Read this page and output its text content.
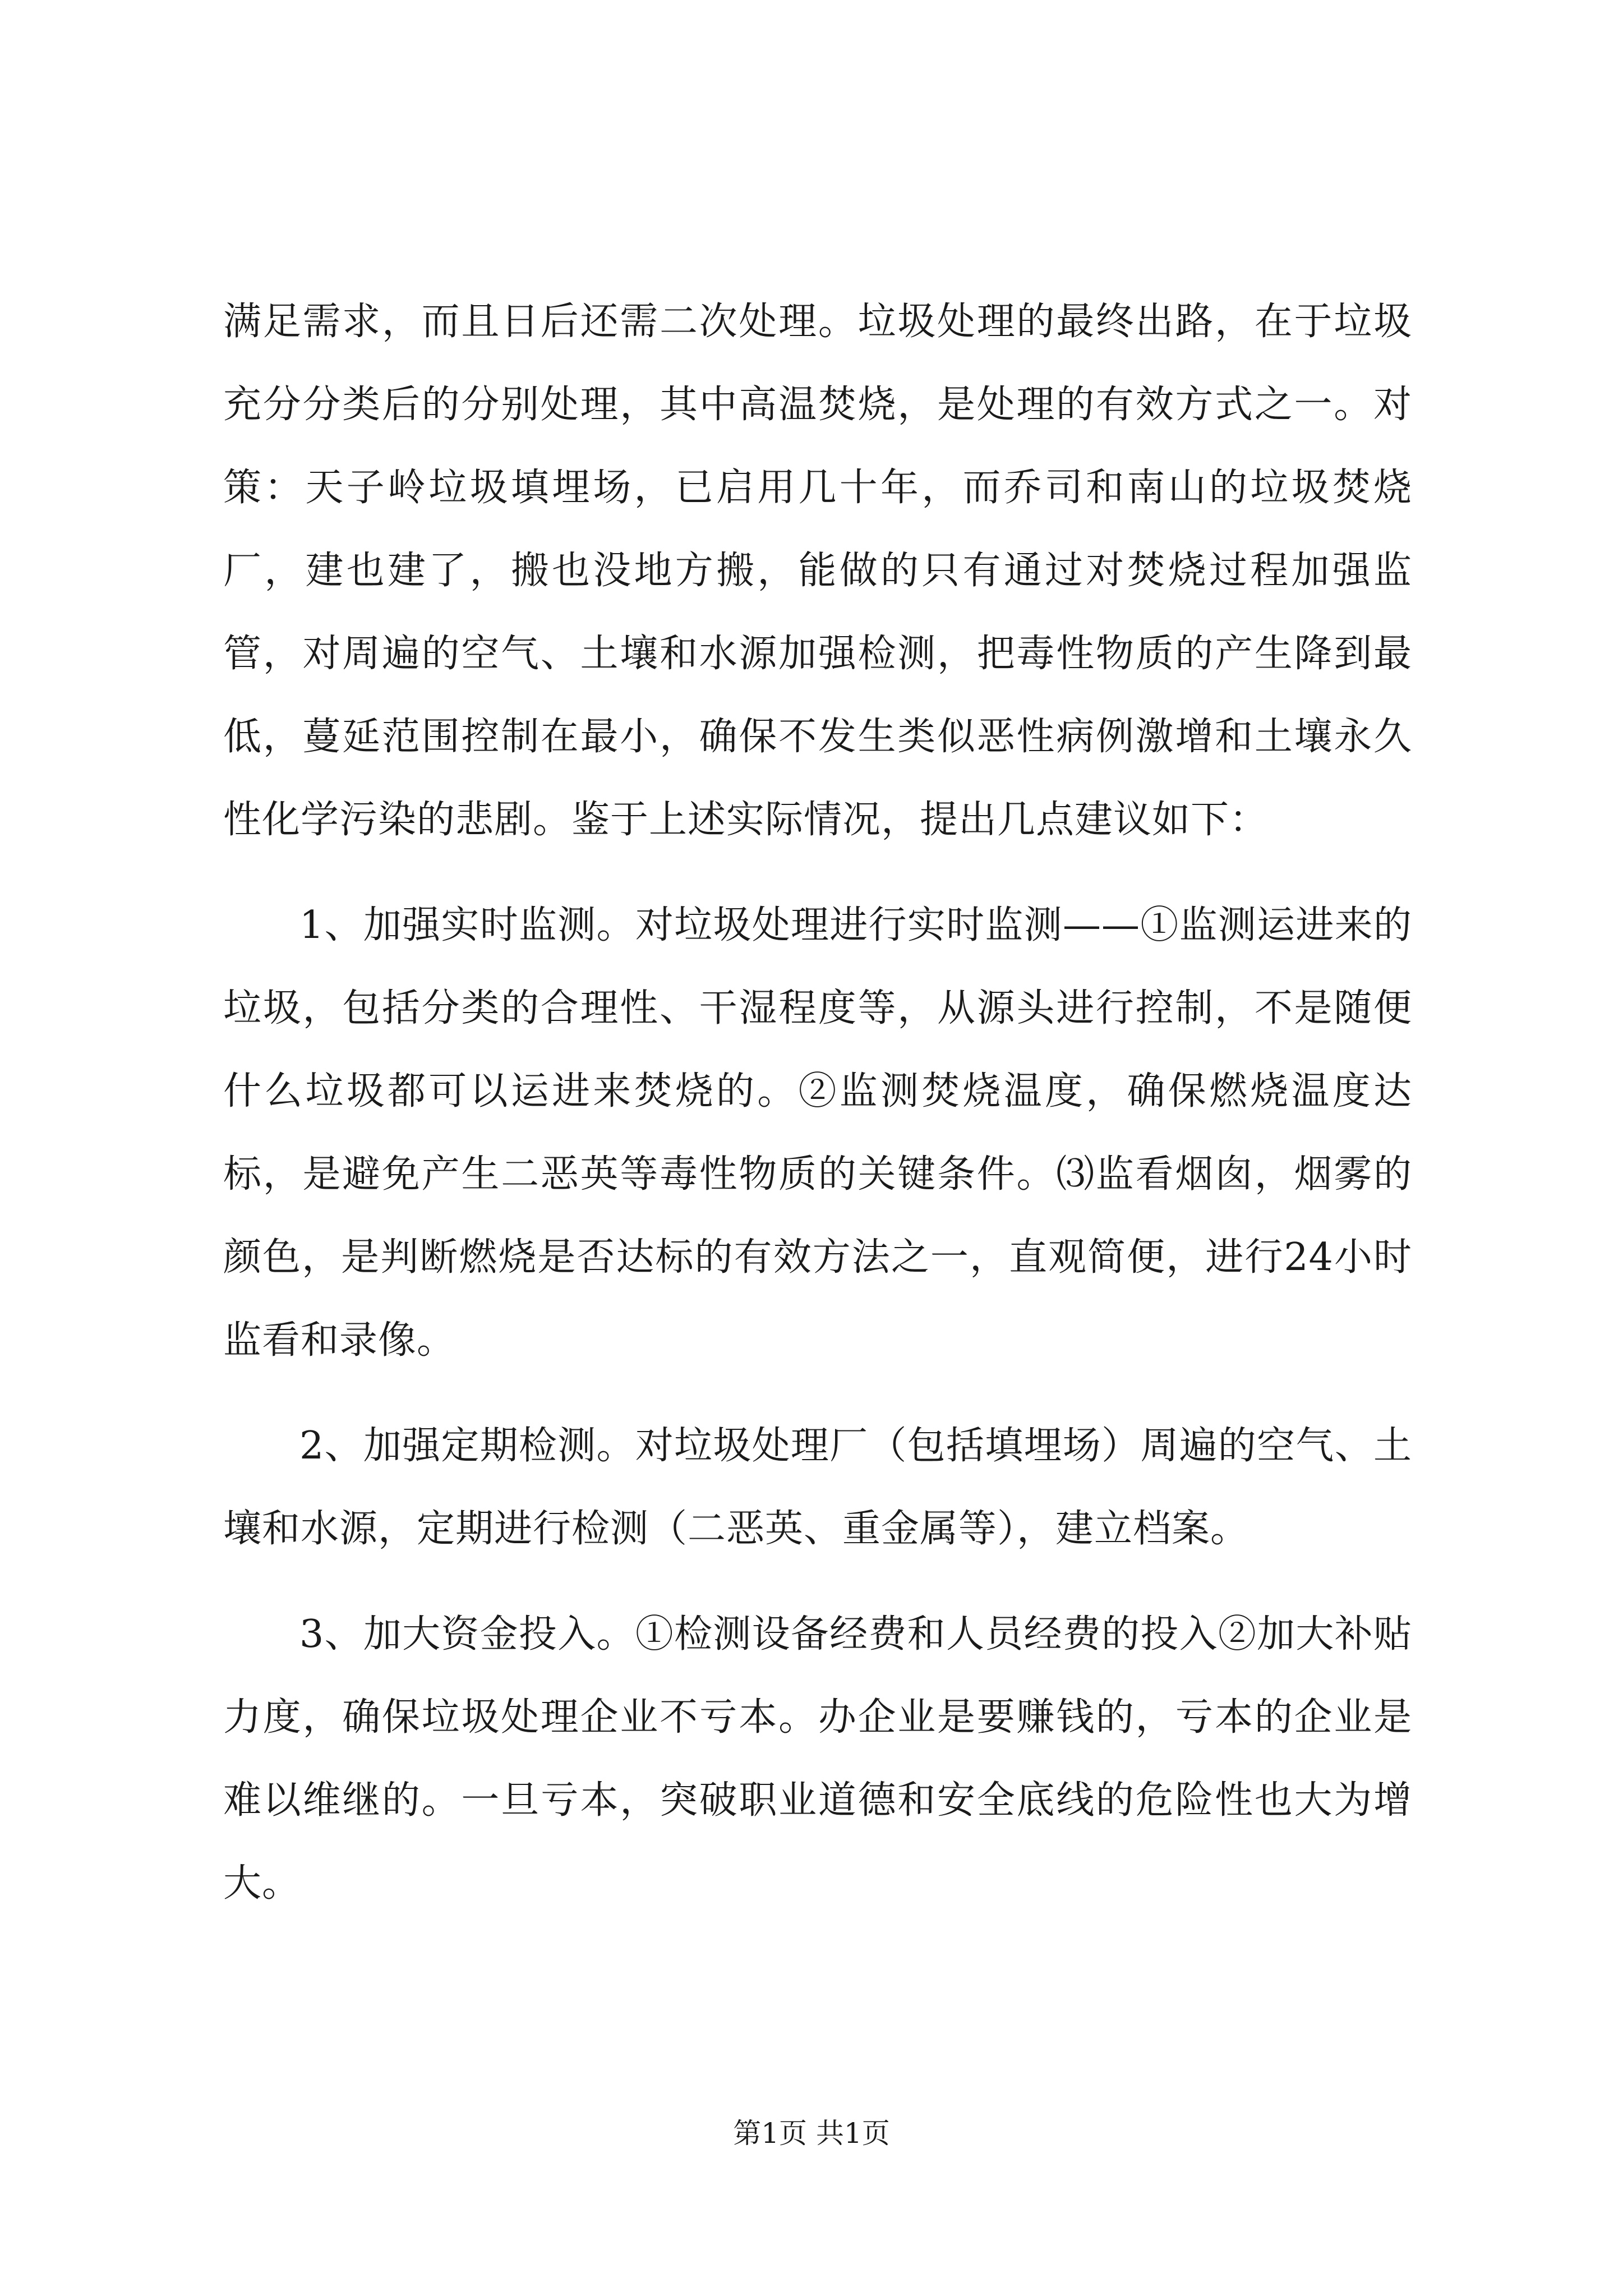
满足需求，而且日后还需二次处理。垃圾处理的最终出路，在于垃圾充分分类后的分别处理，其中高温焚烧，是处理的有效方式之一。对策：天子岭垃圾填埋场，已启用几十年，而乔司和南山的垃圾焚烧厂，建也建了，搬也没地方搬，能做的只有通过对焚烧过程加强监管，对周遍的空气、土壤和水源加强检测，把毒性物质的产生降到最低，蔓延范围控制在最小，确保不发生类似恶性病例激增和土壤永久性化学污染的悲剧。鉴于上述实际情况，提出几点建议如下：

1、加强实时监测。对垃圾处理进行实时监测——①监测运进来的垃圾，包括分类的合理性、干湿程度等，从源头进行控制，不是随便什么垃圾都可以运进来焚烧的。②监测焚烧温度，确保燃烧温度达标，是避免产生二恶英等毒性物质的关键条件。⑶监看烟囱，烟雾的颜色，是判断燃烧是否达标的有效方法之一，直观简便，进行24小时监看和录像。

2、加强定期检测。对垃圾处理厂（包括填埋场）周遍的空气、土壤和水源，定期进行检测（二恶英、重金属等），建立档案。

3、加大资金投入。①检测设备经费和人员经费的投入②加大补贴力度，确保垃圾处理企业不亏本。办企业是要赚钱的，亏本的企业是难以维继的。一旦亏本，突破职业道德和安全底线的危险性也大为增大。

第1页 共1页
